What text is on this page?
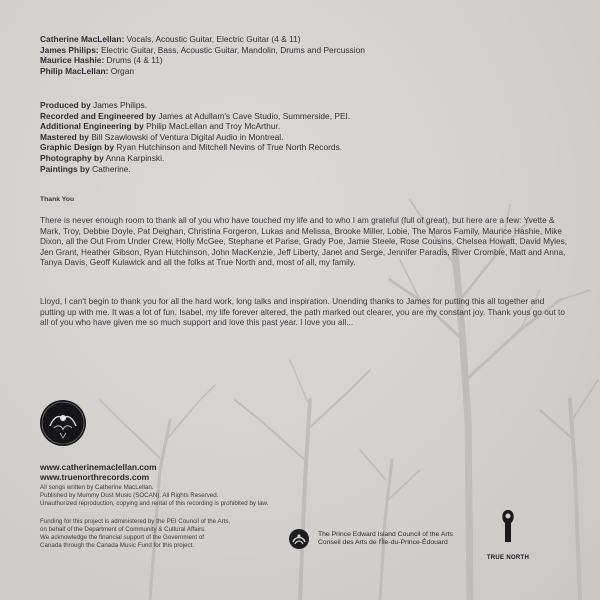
Catherine MacLellan: Vocals, Acoustic Guitar, Electric Guitar (4 & 11)
James Philips: Electric Guitar, Bass, Acoustic Guitar, Mandolin, Drums and Percussion
Maurice Hashie: Drums (4 & 11)
Philip MacLellan: Organ
Produced by James Philips.
Recorded and Engineered by James at Adullam's Cave Studio, Summerside, PEI.
Additional Engineering by Philip MacLellan and Troy McArthur.
Mastered by Bill Szawlowski of Ventura Digital Audio in Montreal.
Graphic Design by Ryan Hutchinson and Mitchell Nevins of True North Records.
Photography by Anna Karpinski.
Paintings by Catherine.
Thank You
There is never enough room to thank all of you who have touched my life and to who I am grateful (full of great), but here are a few: Yvette & Mark, Troy, Debbie Doyle, Pat Deighan, Christina Forgeron, Lukas and Melissa, Brooke Miller, Lobie, The Maros Family, Maurice Hashie, Mike Dixon, all the Out From Under Crew, Holly McGee, Stephane et Parise, Grady Poe, Jamie Steele, Rose Cousins, Chelsea Howatt, David Myles, Jen Grant, Heather Gibson, Ryan Hutchinson, John MacKenzie, Jeff Liberty, Janet and Serge, Jennifer Paradis, River Crombie, Matt and Anna, Tanya Davis, Geoff Kulawick and all the folks at True North and, most of all, my family.
Lloyd, I can't begin to thank you for all the hard work, long talks and inspiration. Unending thanks to James for putting this all together and putting up with me. It was a lot of fun. Isabel, my life forever altered, the path marked out clearer, you are my constant joy. Thank yous go out to all of you who have given me so much support and love this past year. I love you all...
www.catherinemaclellan.com
www.truenorthrecords.com
All songs written by Catherine MacLellan.
Published by Mummy Dust Music (SOCAN). All Rights Reserved.
Unauthorized reproduction, copying and rental of this recording is prohibited by law.
Funding for this project is administered by the PEI Council of the Arts,
on behalf of the Department of Community & Cultural Affairs.
We acknowledge the financial support of the Government of
Canada through the Canada Music Fund for this project.
The Prince Edward Island Council of the Arts
Conseil des Arts de l'Île-du-Prince-Édouard
TRUE NORTH
